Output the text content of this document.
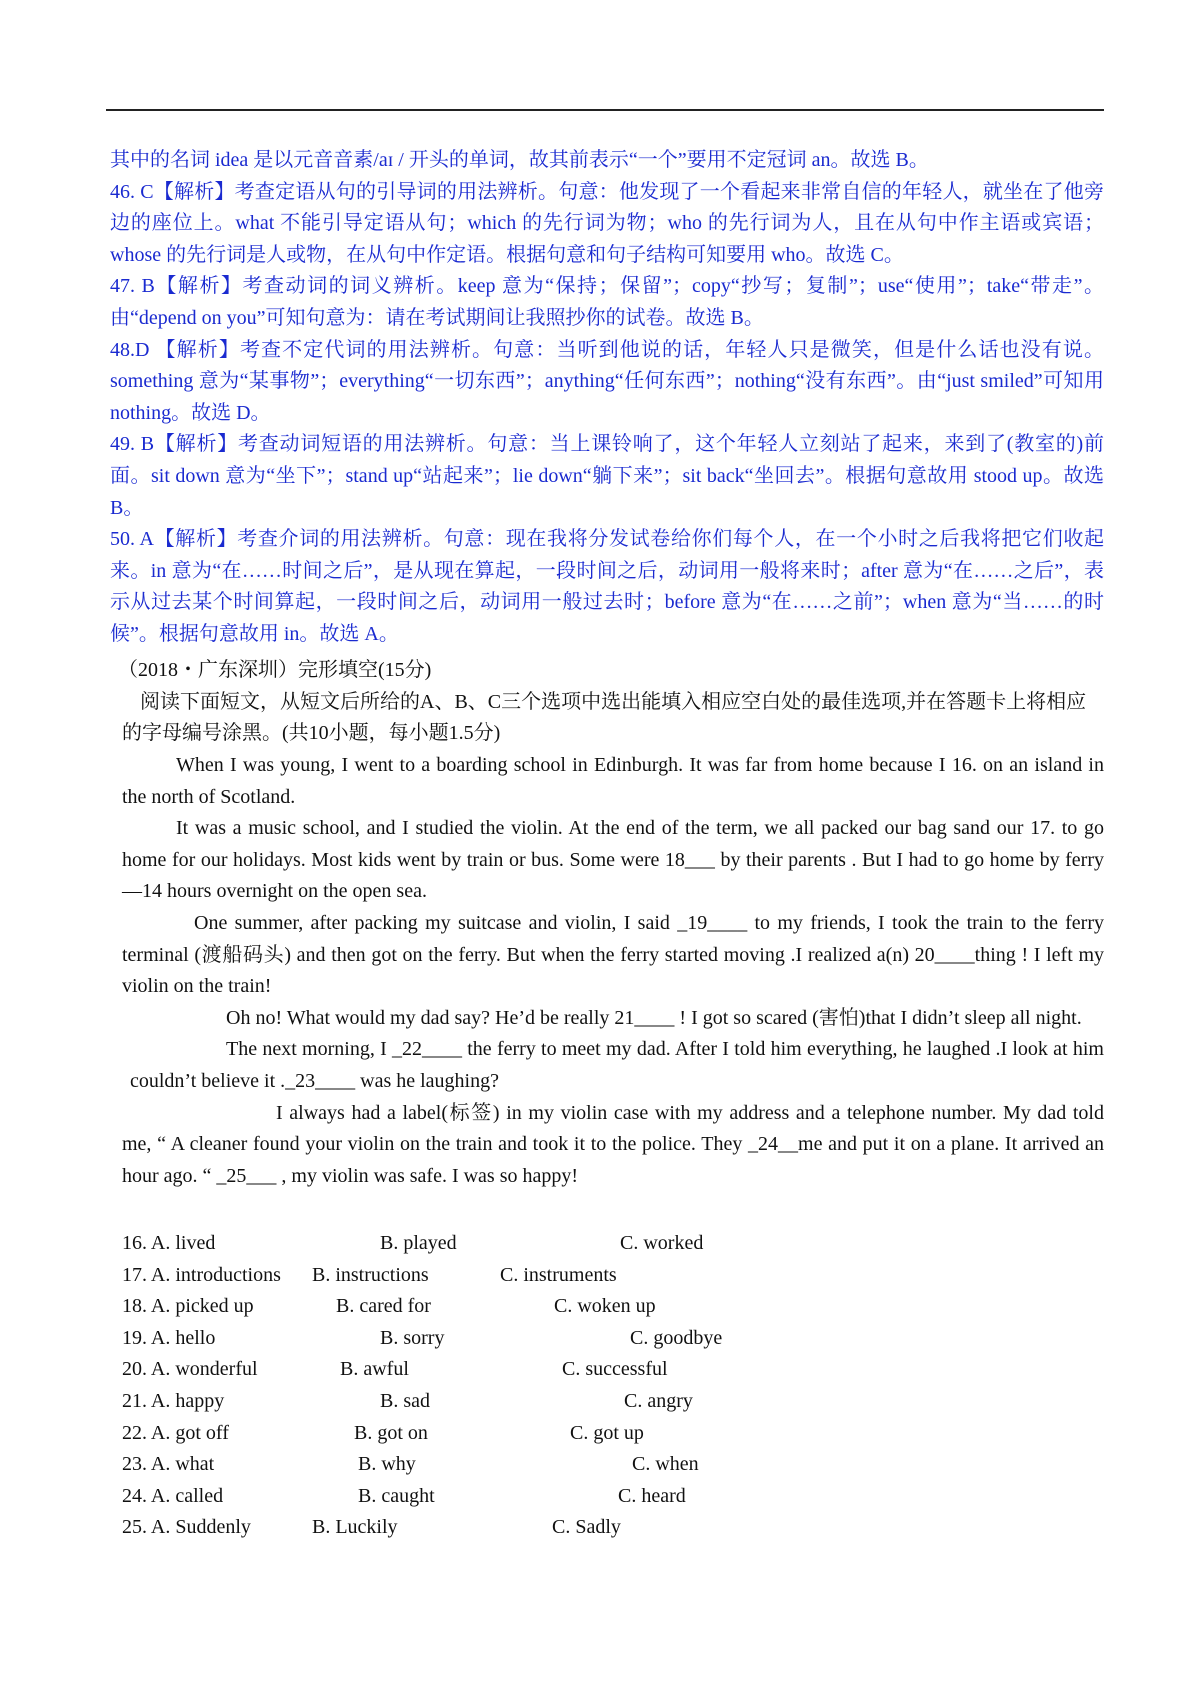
其中的名词 idea 是以元音音素/aɪ / 开头的单词，故其前表示“一个”要用不定冠词 an。故选 B。

46. C【解析】考查定语从句的引导词的用法辨析。句意：他发现了一个看起来非常自信的年轻人，就坐在了他旁边的座位上。what 不能引导定语从句；which 的先行词为物；who 的先行词为人，且在从句中作主语或宾语；whose 的先行词是人或物，在从句中作定语。根据句意和句子结构可知要用 who。故选 C。

47. B【解析】考查动词的词义辨析。keep 意为“保持；保留”；copy“抄写；复制”；use“使用”；take“带走”。由“depend on you”可知句意为：请在考试期间让我照抄你的试卷。故选 B。

48.D 【解析】考查不定代词的用法辨析。句意：当听到他说的话，年轻人只是微笑，但是什么话也没有说。something 意为“某事物”；everything“一切东西”；anything“任何东西”；nothing“没有东西”。由“just smiled”可知用 nothing。故选 D。

49. B【解析】考查动词短语的用法辨析。句意：当上课铃响了，这个年轻人立刻站了起来，来到了(教室的)前面。sit down 意为“坐下”；stand up“站起来”；lie down“躺下来”；sit back“坐回去”。根据句意故用 stood up。故选 B。

50. A【解析】考查介词的用法辨析。句意：现在我将分发试卷给你们每个人，在一个小时之后我将把它们收起来。in 意为“在……时间之后”，是从现在算起，一段时间之后，动词用一般将来时；after 意为“在……之后”，表示从过去某个时间算起，一段时间之后，动词用一般过去时；before 意为“在……之前”；when 意为“当……的时候”。根据句意故用 in。故选 A。

（2018・广东深圳）完形填空(15分)

阅读下面短文，从短文后所给的A、B、C三个选项中选出能填入相应空白处的最佳选项,并在答题卡上将相应的字母编号涂黑。(共10小题，每小题1.5分)

When I was young, I went to a boarding school in Edinburgh. It was far from home because I 16. on an island in the north of Scotland.

It was a music school, and I studied the violin. At the end of the term, we all packed our bag sand our 17. to go home for our holidays. Most kids went by train or bus. Some were 18___ by their parents . But I had to go home by ferry—14 hours overnight on the open sea.

One summer, after packing my suitcase and violin, I said _19____ to my friends, I took the train to the ferry terminal (渡船码头) and then got on the ferry. But when the ferry started moving .I realized a(n) 20____thing ! I left my violin on the train!

Oh no! What would my dad say? He’d be really 21____ ! I got so scared (害怕)that I didn’t sleep all night.

The next morning, I _22____ the ferry to meet my dad. After I told him everything, he laughed .I look at him couldn’t believe it ._23____ was he laughing?

I always had a label(标签) in my violin case with my address and a telephone number. My dad told me, “ A cleaner found your violin on the train and took it to the police. They _24__me and put it on a plane. It arrived an hour ago. “ _25___ , my violin was safe. I was so happy!

16. A. lived	B. played	C. worked
17. A. introductions B. instructions	C. instruments
18. A. picked up	B. cared for	C. woken up
19. A. hello	B. sorry	C. goodbye
20. A. wonderful	B. awful	C. successful
21. A. happy	B. sad	C. angry
22. A. got off	B. got on	C. got up
23. A. what	B. why	C. when
24. A. called	B. caught	C. heard
25. A. Suddenly	B. Luckily	C. Sadly
